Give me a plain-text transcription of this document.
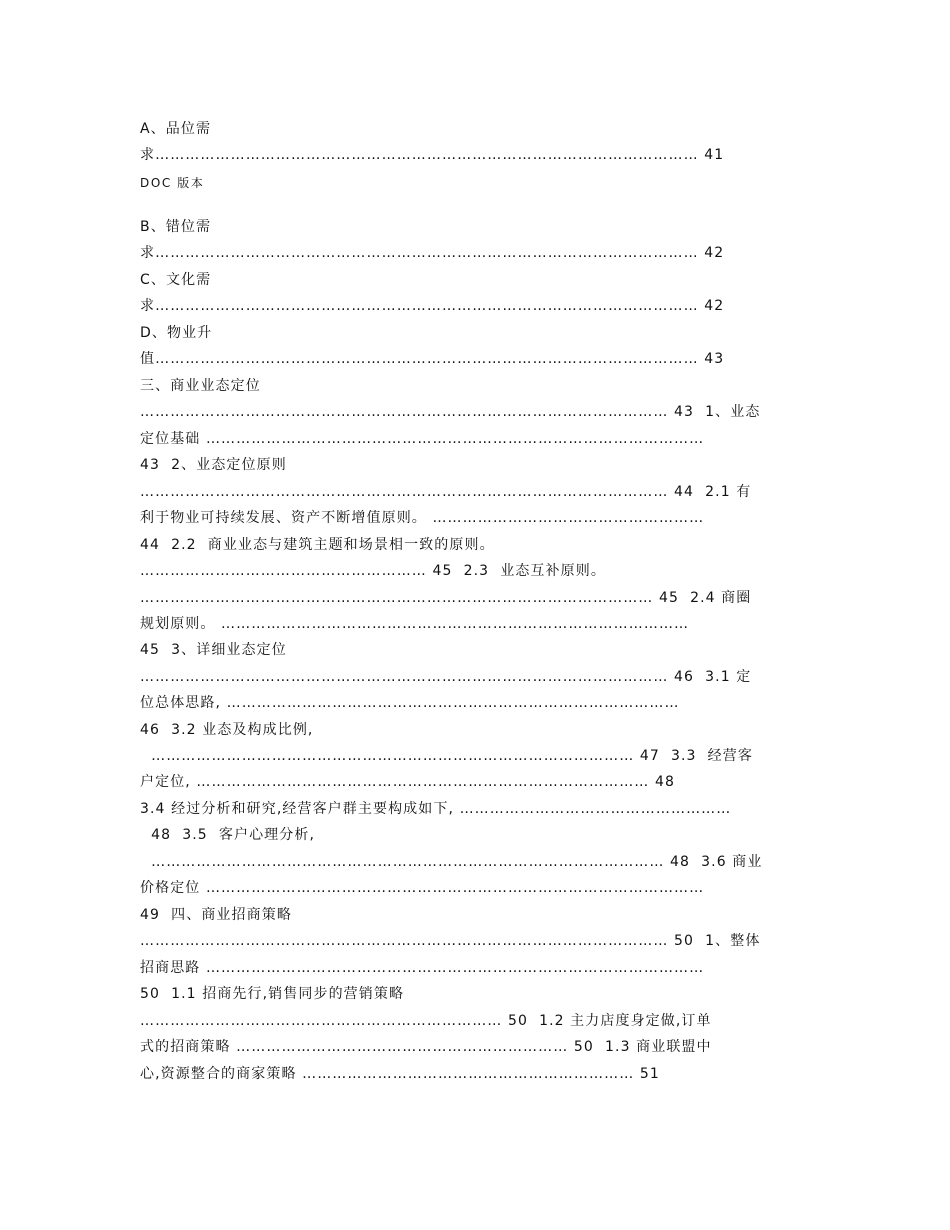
A、品位需
求……………………………………………………………………………………………… 41
DOC 版本
B、错位需
求……………………………………………………………………………………………… 42
C、文化需
求……………………………………………………………………………………………… 42
D、物业升
值……………………………………………………………………………………………… 43
三、商业业态定位
…………………………………………………………………………………………… 43  1、业态
定位基础 ………………………………………………………………………………………
43  2、业态定位原则
…………………………………………………………………………………………… 44  2.1 有
利于物业可持续发展、资产不断增值原则。 ………………………………………………
44  2.2  商业业态与建筑主题和场景相一致的原则。
………………………………………………… 45  2.3  业态互补原则。
………………………………………………………………………………………… 45  2.4 商圈
规划原则。 …………………………………………………………………………………
45  3、详细业态定位
…………………………………………………………………………………………… 46  3.1 定
位总体思路, ………………………………………………………………………………
46  3.2 业态及构成比例,
…………………………………………………………………………………… 47  3.3  经营客
户定位, ……………………………………………………………………………… 48
3.4 经过分析和研究,经营客户群主要构成如下, ………………………………………………
48  3.5  客户心理分析,
………………………………………………………………………………………… 48  3.6 商业
价格定位 ………………………………………………………………………………………
49  四、商业招商策略
…………………………………………………………………………………………… 50  1、整体
招商思路 ………………………………………………………………………………………
50  1.1 招商先行,销售同步的营销策略
……………………………………………………………… 50  1.2 主力店度身定做,订单
式的招商策略 ………………………………………………………… 50  1.3 商业联盟中
心,资源整合的商家策略 ………………………………………………………… 51
